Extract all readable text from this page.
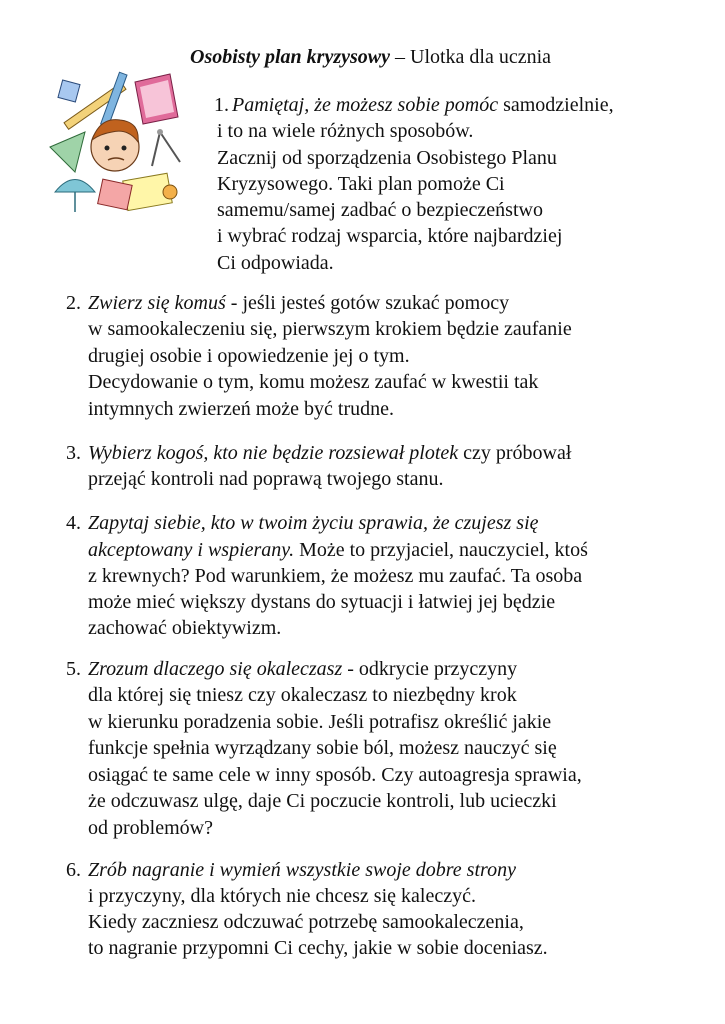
Osobisty plan kryzysowy – Ulotka dla ucznia
1. Pamiętaj, że możesz sobie pomóc samodzielnie,
i to na wiele różnych sposobów.
Zacznij od sporządzenia Osobistego Planu
Kryzysowego. Taki plan pomoże Ci
samemu/samej zadbać o bezpieczeństwo
i wybrać rodzaj wsparcia, które najbardziej
Ci odpowiada.
2. Zwierz się komuś - jeśli jesteś gotów szukać pomocy
w samookaleczeniu się, pierwszym krokiem będzie zaufanie
drugiej osobie i opowiedzenie jej o tym.
Decydowanie o tym, komu możesz zaufać w kwestii tak
intymnych zwierzeń może być trudne.
3. Wybierz kogoś, kto nie będzie rozsiewał plotek czy próbował
przejąć kontroli nad poprawą twojego stanu.
4. Zapytaj siebie, kto w twoim życiu sprawia, że czujesz się
akceptowany i wspierany. Może to przyjaciel, nauczyciel, ktoś
z krewnych? Pod warunkiem, że możesz mu zaufać. Ta osoba
może mieć większy dystans do sytuacji i łatwiej jej będzie
zachować obiektywizm.
5. Zrozum dlaczego się okaleczasz - odkrycie przyczyny
dla której się tniesz czy okaleczasz to niezbędny krok
w kierunku poradzenia sobie. Jeśli potrafisz określić jakie
funkcje spełnia wyrządzany sobie ból, możesz nauczyć się
osiągać te same cele w inny sposób. Czy autoagresja sprawia,
że odczuwasz ulgę, daje Ci poczucie kontroli, lub ucieczki
od problemów?
6. Zrób nagranie i wymień wszystkie swoje dobre strony
i przyczyny, dla których nie chcesz się kaleczyć.
Kiedy zaczniesz odczuwać potrzebę samookaleczenia,
to nagranie przypomni Ci cechy, jakie w sobie doceniasz.
